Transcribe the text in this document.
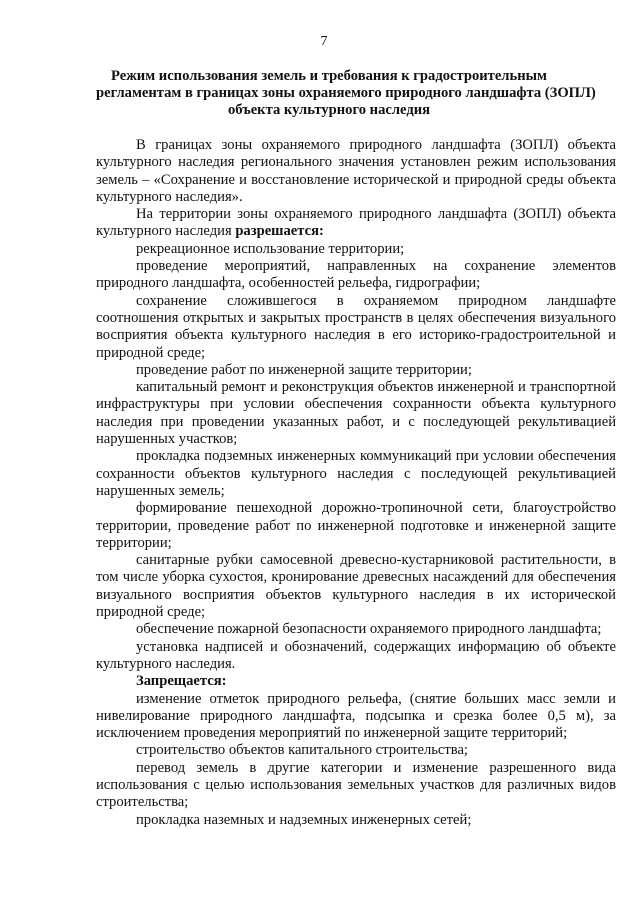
7
Режим использования земель и требования к градостроительным
регламентам в границах зоны охраняемого природного ландшафта (ЗОПЛ)
объекта культурного наследия

В границах зоны охраняемого природного ландшафта (ЗОПЛ) объекта культурного наследия регионального значения установлен режим использования земель – «Сохранение и восстановление исторической и природной среды объекта культурного наследия».

На территории зоны охраняемого природного ландшафта (ЗОПЛ) объекта культурного наследия разрешается:

рекреационное использование территории;

проведение мероприятий, направленных на сохранение элементов природного ландшафта, особенностей рельефа, гидрографии;

сохранение сложившегося в охраняемом природном ландшафте соотношения открытых и закрытых пространств в целях обеспечения визуального восприятия объекта культурного наследия в его историко-градостроительной и природной среде;

проведение работ по инженерной защите территории;

капитальный ремонт и реконструкция объектов инженерной и транспортной инфраструктуры при условии обеспечения сохранности объекта культурного наследия при проведении указанных работ, и с последующей рекультивацией нарушенных участков;

прокладка подземных инженерных коммуникаций при условии обеспечения сохранности объектов культурного наследия с последующей рекультивацией нарушенных земель;

формирование пешеходной дорожно-тропиночной сети, благоустройство территории, проведение работ по инженерной подготовке и инженерной защите территории;

санитарные рубки самосевной древесно-кустарниковой растительности, в том числе уборка сухостоя, кронирование древесных насаждений для обеспечения визуального восприятия объектов культурного наследия в их исторической природной среде;

обеспечение пожарной безопасности охраняемого природного ландшафта;

установка надписей и обозначений, содержащих информацию об объекте культурного наследия.

Запрещается:

изменение отметок природного рельефа, (снятие больших масс земли и нивелирование природного ландшафта, подсыпка и срезка более 0,5 м), за исключением проведения мероприятий по инженерной защите территорий;

строительство объектов капитального строительства;

перевод земель в другие категории и изменение разрешенного вида использования с целью использования земельных участков для различных видов строительства;

прокладка наземных и надземных инженерных сетей;
